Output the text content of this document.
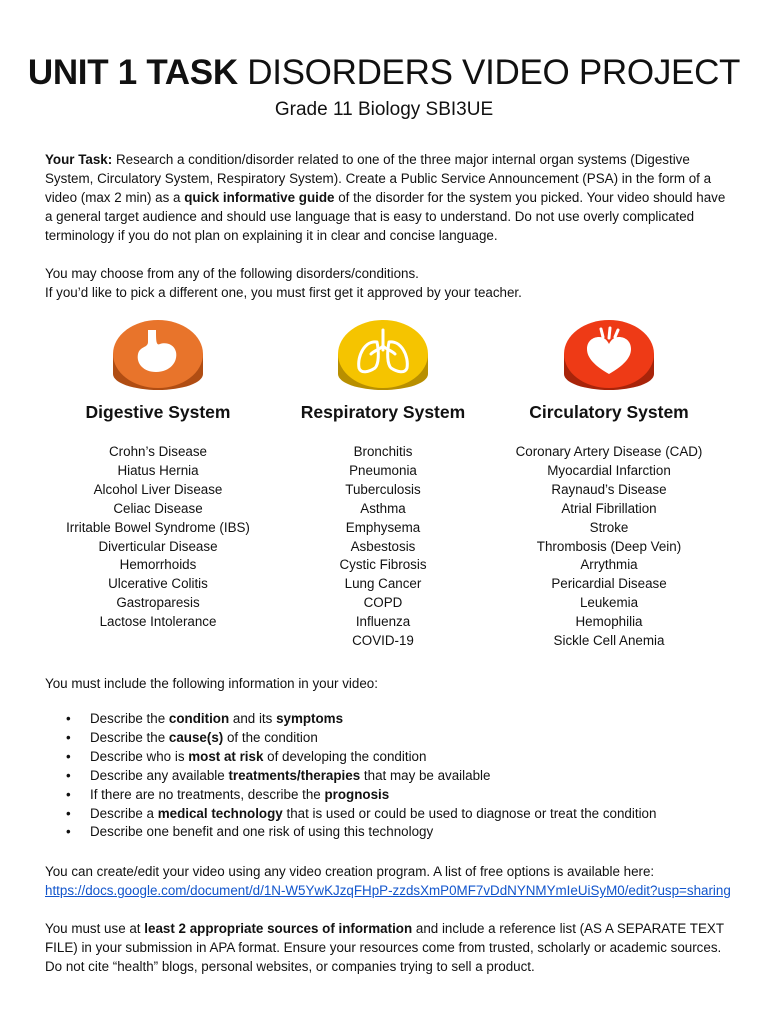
UNIT 1 TASK DISORDERS VIDEO PROJECT
Grade 11 Biology SBI3UE
Your Task: Research a condition/disorder related to one of the three major internal organ systems (Digestive System, Circulatory System, Respiratory System). Create a Public Service Announcement (PSA) in the form of a video (max 2 min) as a quick informative guide of the disorder for the system you picked. Your video should have a general target audience and should use language that is easy to understand. Do not use overly complicated terminology if you do not plan on explaining it in clear and concise language.
You may choose from any of the following disorders/conditions.
If you’d like to pick a different one, you must first get it approved by your teacher.
Digestive System
Crohn’s Disease
Hiatus Hernia
Alcohol Liver Disease
Celiac Disease
Irritable Bowel Syndrome (IBS)
Diverticular Disease
Hemorrhoids
Ulcerative Colitis
Gastroparesis
Lactose Intolerance
Respiratory System
Bronchitis
Pneumonia
Tuberculosis
Asthma
Emphysema
Asbestosis
Cystic Fibrosis
Lung Cancer
COPD
Influenza
COVID-19
Circulatory System
Coronary Artery Disease (CAD)
Myocardial Infarction
Raynaud’s Disease
Atrial Fibrillation
Stroke
Thrombosis (Deep Vein)
Arrythmia
Pericardial Disease
Leukemia
Hemophilia
Sickle Cell Anemia
You must include the following information in your video:
• Describe the condition and its symptoms
• Describe the cause(s) of the condition
• Describe who is most at risk of developing the condition
• Describe any available treatments/therapies that may be available
• If there are no treatments, describe the prognosis
• Describe a medical technology that is used or could be used to diagnose or treat the condition
• Describe one benefit and one risk of using this technology
You can create/edit your video using any video creation program. A list of free options is available here:
https://docs.google.com/document/d/1N-W5YwKJzqFHpP-zzdsXmP0MF7vDdNYNMYmIeUiSyM0/edit?usp=sharing
You must use at least 2 appropriate sources of information and include a reference list (AS A SEPARATE TEXT FILE) in your submission in APA format. Ensure your resources come from trusted, scholarly or academic sources. Do not cite “health” blogs, personal websites, or companies trying to sell a product.
